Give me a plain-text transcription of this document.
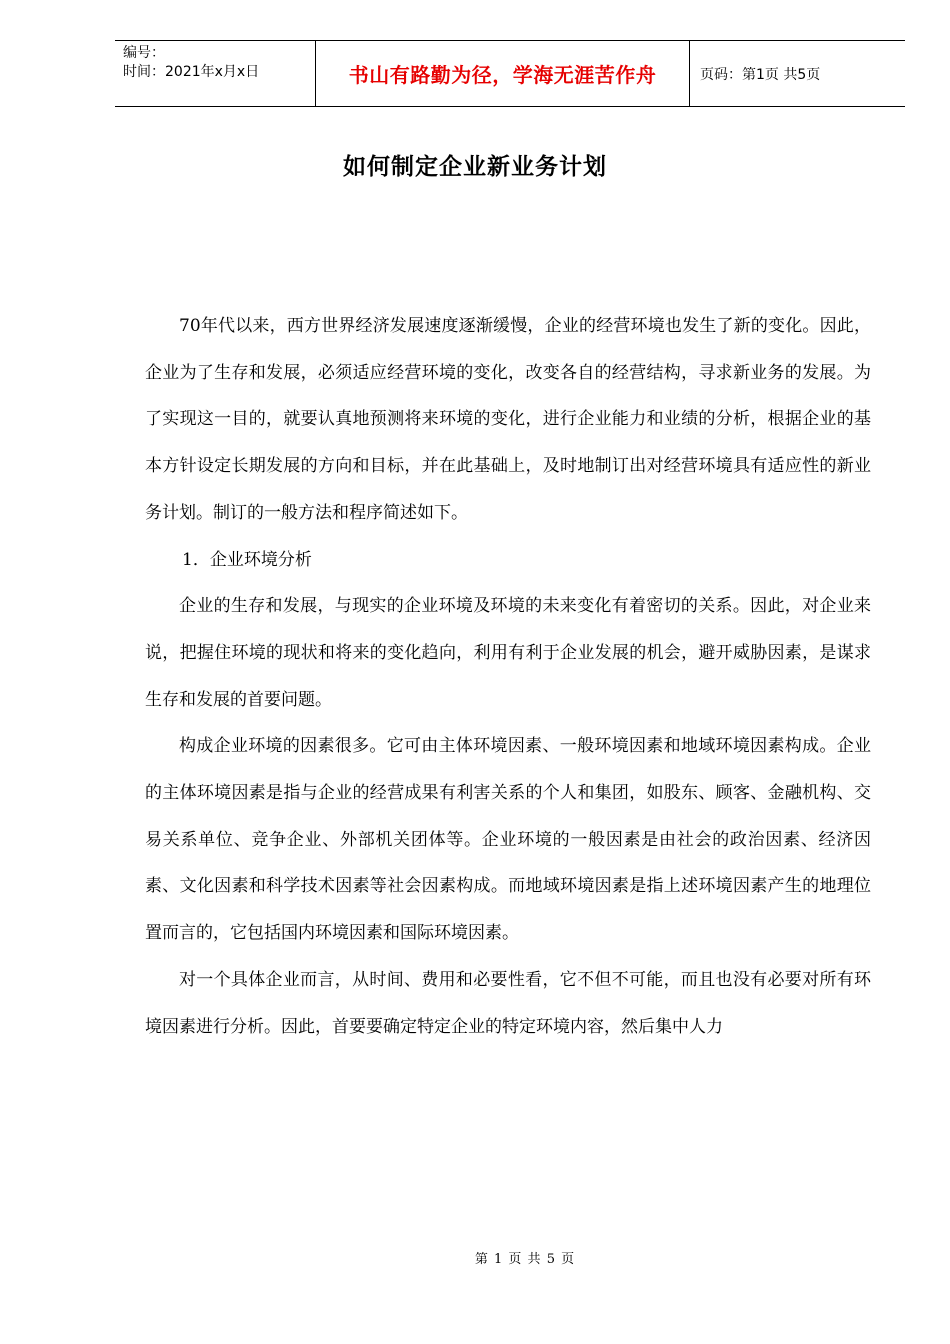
编号：
时间：2021年x月x日	书山有路勤为径，学海无涯苦作舟	页码：第1页 共5页
如何制定企业新业务计划

70年代以来，西方世界经济发展速度逐渐缓慢，企业的经营环境也发生了新的变化。因此，企业为了生存和发展，必须适应经营环境的变化，改变各自的经营结构，寻求新业务的发展。为了实现这一目的，就要认真地预测将来环境的变化，进行企业能力和业绩的分析，根据企业的基本方针设定长期发展的方向和目标，并在此基础上，及时地制订出对经营环境具有适应性的新业务计划。制订的一般方法和程序简述如下。

1．企业环境分析

企业的生存和发展，与现实的企业环境及环境的未来变化有着密切的关系。因此，对企业来说，把握住环境的现状和将来的变化趋向，利用有利于企业发展的机会，避开威胁因素，是谋求生存和发展的首要问题。

构成企业环境的因素很多。它可由主体环境因素、一般环境因素和地域环境因素构成。企业的主体环境因素是指与企业的经营成果有利害关系的个人和集团，如股东、顾客、金融机构、交易关系单位、竞争企业、外部机关团体等。企业环境的一般因素是由社会的政治因素、经济因素、文化因素和科学技术因素等社会因素构成。而地域环境因素是指上述环境因素产生的地理位置而言的，它包括国内环境因素和国际环境因素。

对一个具体企业而言，从时间、费用和必要性看，它不但不可能，而且也没有必要对所有环境因素进行分析。因此，首要要确定特定企业的特定环境内容，然后集中人力

第 1 页 共 5 页
